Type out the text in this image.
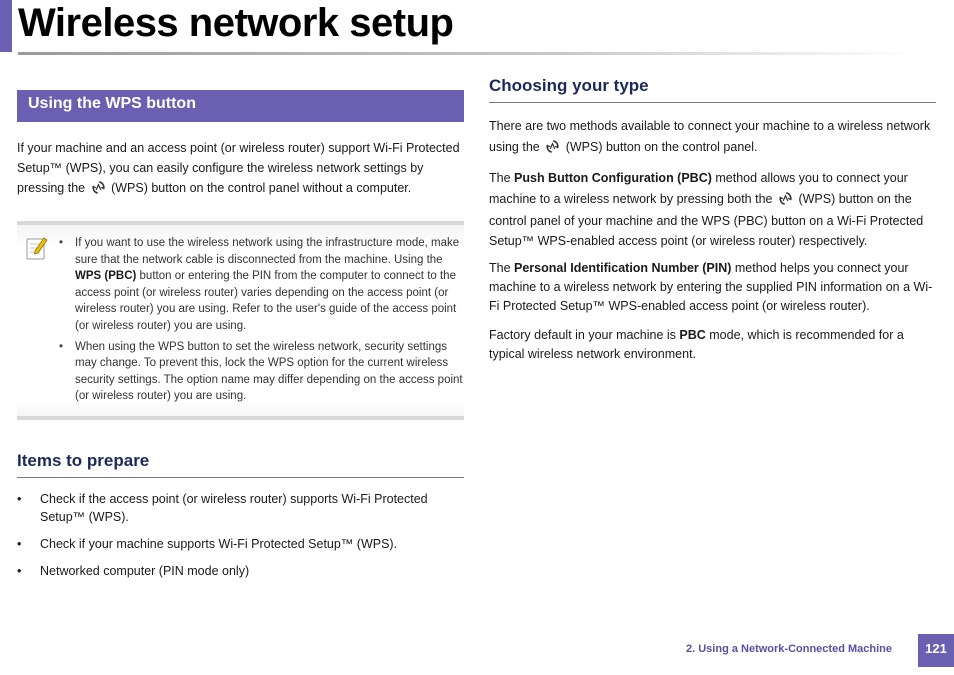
Wireless network setup
Using the WPS button
If your machine and an access point (or wireless router) support Wi-Fi Protected
Setup™ (WPS), you can easily configure the wireless network settings by
pressing the (WPS) button on the control panel without a computer.
• If you want to use the wireless network using the infrastructure mode, make sure that the network cable is disconnected from the machine. Using the WPS (PBC) button or entering the PIN from the computer to connect to the access point (or wireless router) varies depending on the access point (or wireless router) you are using. Refer to the user's guide of the access point (or wireless router) you are using.
• When using the WPS button to set the wireless network, security settings may change. To prevent this, lock the WPS option for the current wireless security settings. The option name may differ depending on the access point (or wireless router) you are using.
Items to prepare
• Check if the access point (or wireless router) supports Wi-Fi Protected Setup™ (WPS).
• Check if your machine supports Wi-Fi Protected Setup™ (WPS).
• Networked computer (PIN mode only)
Choosing your type
There are two methods available to connect your machine to a wireless network
using the (WPS) button on the control panel.
The Push Button Configuration (PBC) method allows you to connect your
machine to a wireless network by pressing both the (WPS) button on the
control panel of your machine and the WPS (PBC) button on a Wi-Fi Protected
Setup™ WPS-enabled access point (or wireless router) respectively.
The Personal Identification Number (PIN) method helps you connect your
machine to a wireless network by entering the supplied PIN information on a Wi-
Fi Protected Setup™ WPS-enabled access point (or wireless router).
Factory default in your machine is PBC mode, which is recommended for a
typical wireless network environment.
2. Using a Network-Connected Machine	121
